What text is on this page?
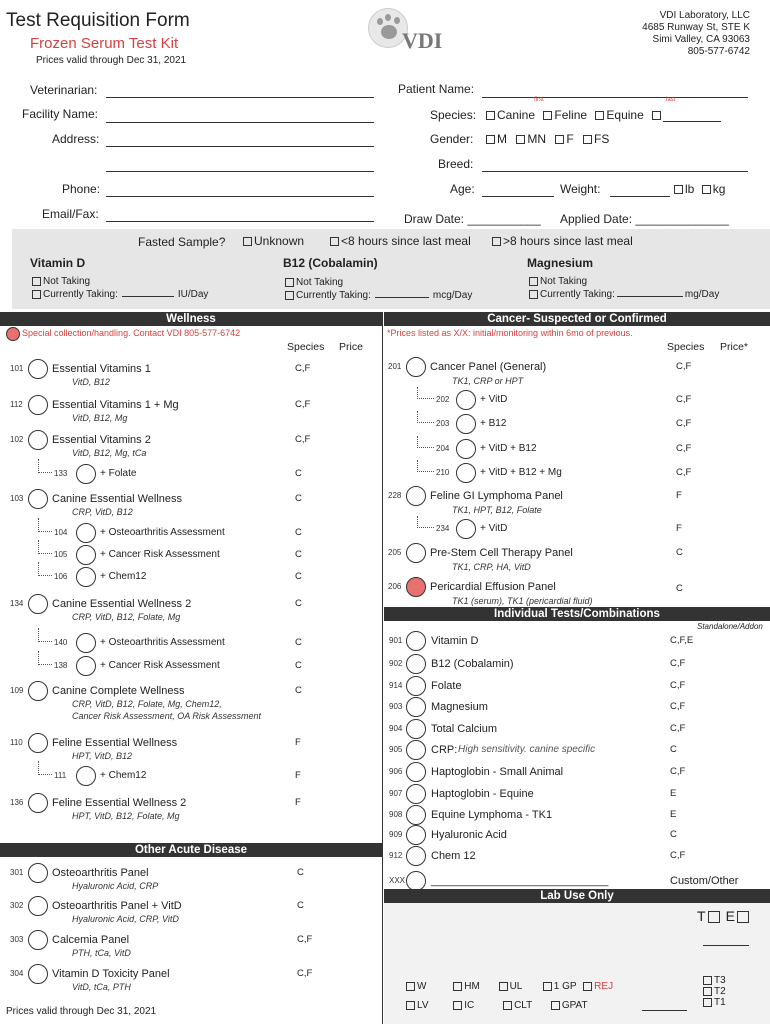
Test Requisition Form
Frozen Serum Test Kit
Prices valid through Dec 31, 2021
VDI
VDI Laboratory, LLC
4685 Runway St, STE K
Simi Valley, CA 93063
805-577-6742
Veterinarian:
Facility Name:
Address:
Phone:
Email/Fax:
Patient Name:
first	last
Species:	Canine Feline Equine
Gender:	M MN F FS
Breed:
Age:	Weight:	lb kg
Draw Date: ___________ Applied Date: ______________
Fasted Sample?	Unknown	<8 hours since last meal	>8 hours since last meal
Vitamin D	B12 (Cobalamin)	Magnesium
Not Taking
Currently Taking:	IU/Day
Not Taking
Currently Taking:	mcg/Day
Not Taking
Currently Taking:	mg/Day
Wellness
Special collection/handling. Contact VDI 805-577-6742
Species Price
101	Essential Vitamins 1
VitD, B12
C,F
112	Essential Vitamins 1 + Mg
VitD, B12, Mg
C,F
102	Essential Vitamins 2
VitD, B12, Mg, tCa
C,F
133	+ Folate	C
103	Canine Essential Wellness
CRP, VitD, B12
C
104	+ Osteoarthritis Assessment	C
105	+ Cancer Risk Assessment	C
106	+ Chem12	C
134	Canine Essential Wellness 2
CRP, VitD, B12, Folate, Mg
C
140	+ Osteoarthritis Assessment	C
138	+ Cancer Risk Assessment	C
109	Canine Complete Wellness
CRP, VitD, B12, Folate, Mg, Chem12,
Cancer Risk Assessment, OA Risk Assessment
C
110	Feline Essential Wellness
HPT, VitD, B12
F
111	+ Chem12	F
136	Feline Essential Wellness 2
HPT, VitD, B12, Folate, Mg
F
Other Acute Disease
301	Osteoarthritis Panel
Hyaluronic Acid, CRP
C
302	Osteoarthritis Panel + VitD
Hyaluronic Acid, CRP, VitD
C
303	Calcemia Panel
PTH, tCa, VitD
C,F
304	Vitamin D Toxicity Panel
VitD, tCa, PTH
C,F
Prices valid through Dec 31, 2021
Cancer- Suspected or Confirmed
*Prices listed as X/X: initial/monitoring within 6mo of previous.
Species Price*
201	Cancer Panel (General)
TK1, CRP or HPT
C,F
202	+ VitD	C,F
203	+ B12	C,F
204	+ VitD + B12	C,F
210	+ VitD + B12 + Mg	C,F
228	Feline GI Lymphoma Panel
TK1, HPT, B12, Folate
F
234	+ VitD	F
205	Pre-Stem Cell Therapy Panel
TK1, CRP, HA, VitD
C
206	Pericardial Effusion Panel
TK1 (serum), TK1 (pericardial fluid)
C
Individual Tests/Combinations
Standalone/Addon
901	Vitamin D	C,F,E
902	B12 (Cobalamin)	C,F
914	Folate	C,F
903	Magnesium	C,F
904	Total Calcium	C,F
905	CRP: High sensitivity. canine specific	C
906	Haptoglobin - Small Animal	C,F
907	Haptoglobin - Equine	E
908	Equine Lymphoma - TK1	E
909	Hyaluronic Acid	C
912	Chem 12	C,F
XXX _____________________________	Custom/Other
Lab Use Only
T E
W	HM	UL	1 GP REJ
LV	IC	CLT	GPAT
T3
T2
T1
